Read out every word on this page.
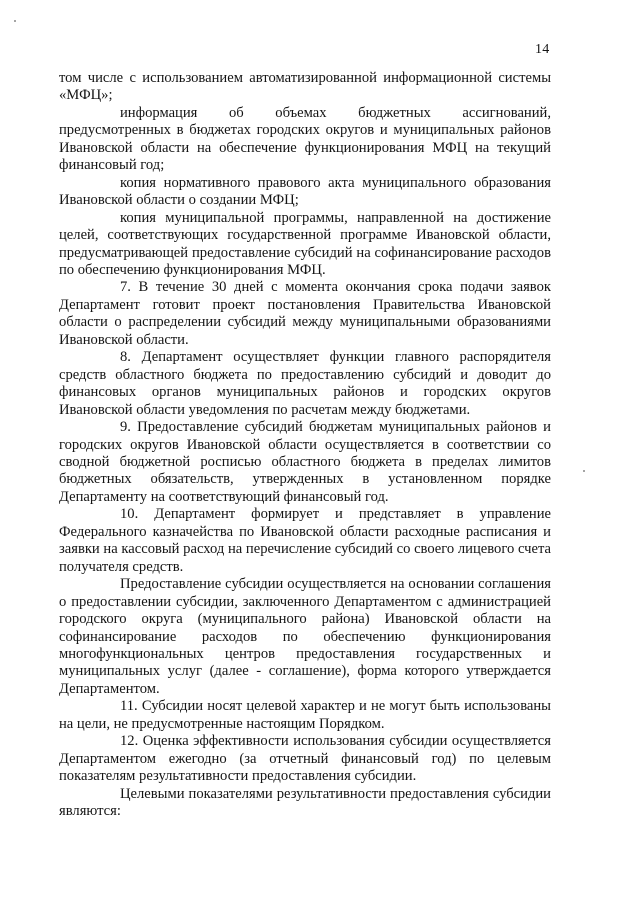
14

том числе с использованием автоматизированной информационной системы «МФЦ»;

информация об объемах бюджетных ассигнований, предусмотренных в бюджетах городских округов и муниципальных районов Ивановской области на обеспечение функционирования МФЦ на текущий финансовый год;

копия нормативного правового акта муниципального образования Ивановской области о создании МФЦ;

копия муниципальной программы, направленной на достижение целей, соответствующих государственной программе Ивановской области, предусматривающей предоставление субсидий на софинансирование расходов по обеспечению функционирования МФЦ.

7. В течение 30 дней с момента окончания срока подачи заявок Департамент готовит проект постановления Правительства Ивановской области о распределении субсидий между муниципальными образованиями Ивановской области.

8. Департамент осуществляет функции главного распорядителя средств областного бюджета по предоставлению субсидий и доводит до финансовых органов муниципальных районов и городских округов Ивановской области уведомления по расчетам между бюджетами.

9. Предоставление субсидий бюджетам муниципальных районов и городских округов Ивановской области осуществляется в соответствии со сводной бюджетной росписью областного бюджета в пределах лимитов бюджетных обязательств, утвержденных в установленном порядке Департаменту на соответствующий финансовый год.

10. Департамент формирует и представляет в управление Федерального казначейства по Ивановской области расходные расписания и заявки на кассовый расход на перечисление субсидий со своего лицевого счета получателя средств.

Предоставление субсидии осуществляется на основании соглашения о предоставлении субсидии, заключенного Департаментом с администрацией городского округа (муниципального района) Ивановской области на софинансирование расходов по обеспечению функционирования многофункциональных центров предоставления государственных и муниципальных услуг (далее - соглашение), форма которого утверждается Департаментом.

11. Субсидии носят целевой характер и не могут быть использованы на цели, не предусмотренные настоящим Порядком.

12. Оценка эффективности использования субсидии осуществляется Департаментом ежегодно (за отчетный финансовый год) по целевым показателям результативности предоставления субсидии.

Целевыми показателями результативности предоставления субсидии являются:
